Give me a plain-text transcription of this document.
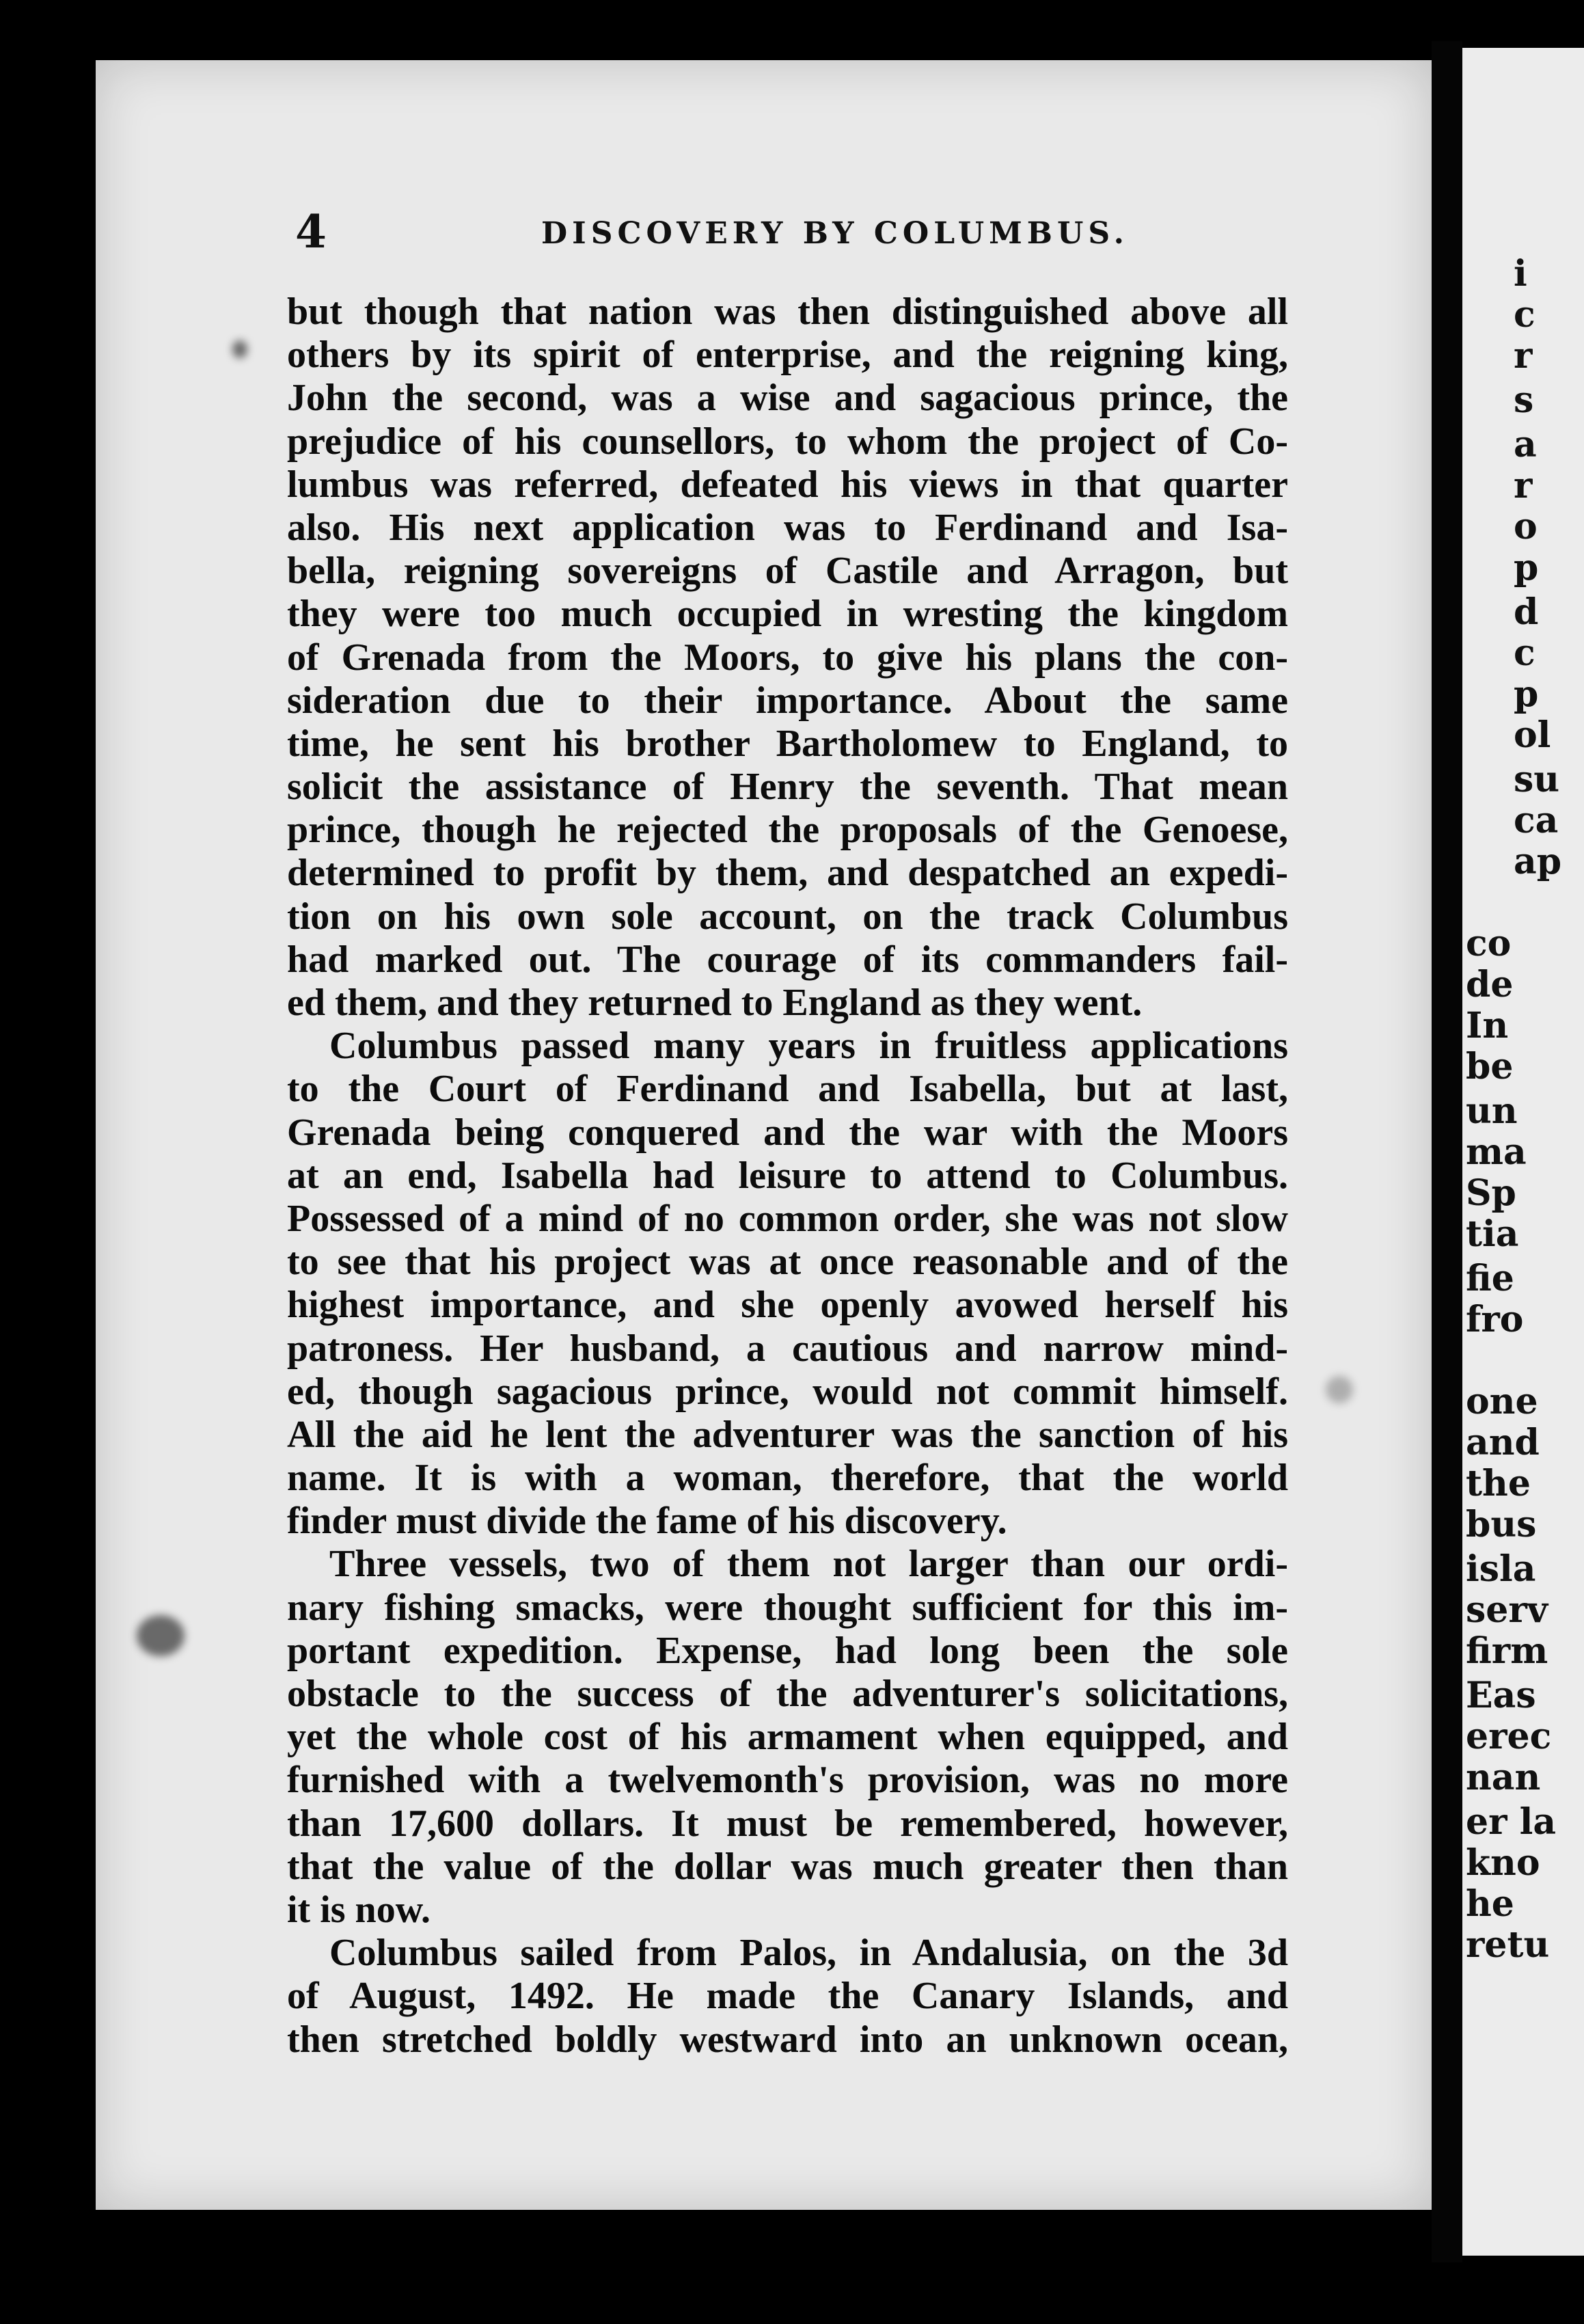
i
c
r
s
a
r
o
p
d
c
p
ol
su
ca
ap
co
de
In
be
un
ma
Sp
tia
fie
fro
one
and
the
bus
isla
serv
firm
Eas
erec
nan
er la
kno
he
retu
4	DISCOVERY BY COLUMBUS.
but though that nation was then distinguished above all
others by its spirit of enterprise, and the reigning king,
John the second, was a wise and sagacious prince, the
prejudice of his counsellors, to whom the project of Co-
lumbus was referred, defeated his views in that quarter
also. His next application was to Ferdinand and Isa-
bella, reigning sovereigns of Castile and Arragon, but
they were too much occupied in wresting the kingdom
of Grenada from the Moors, to give his plans the con-
sideration due to their importance. About the same
time, he sent his brother Bartholomew to England, to
solicit the assistance of Henry the seventh. That mean
prince, though he rejected the proposals of the Genoese,
determined to profit by them, and despatched an expedi-
tion on his own sole account, on the track Columbus
had marked out. The courage of its commanders fail-
ed them, and they returned to England as they went.
Columbus passed many years in fruitless applications
to the Court of Ferdinand and Isabella, but at last,
Grenada being conquered and the war with the Moors
at an end, Isabella had leisure to attend to Columbus.
Possessed of a mind of no common order, she was not slow
to see that his project was at once reasonable and of the
highest importance, and she openly avowed herself his
patroness. Her husband, a cautious and narrow mind-
ed, though sagacious prince, would not commit himself.
All the aid he lent the adventurer was the sanction of his
name. It is with a woman, therefore, that the world
finder must divide the fame of his discovery.
Three vessels, two of them not larger than our ordi-
nary fishing smacks, were thought sufficient for this im-
portant expedition. Expense, had long been the sole
obstacle to the success of the adventurer's solicitations,
yet the whole cost of his armament when equipped, and
furnished with a twelvemonth's provision, was no more
than 17,600 dollars. It must be remembered, however,
that the value of the dollar was much greater then than
it is now.
Columbus sailed from Palos, in Andalusia, on the 3d
of August, 1492. He made the Canary Islands, and
then stretched boldly westward into an unknown ocean,
